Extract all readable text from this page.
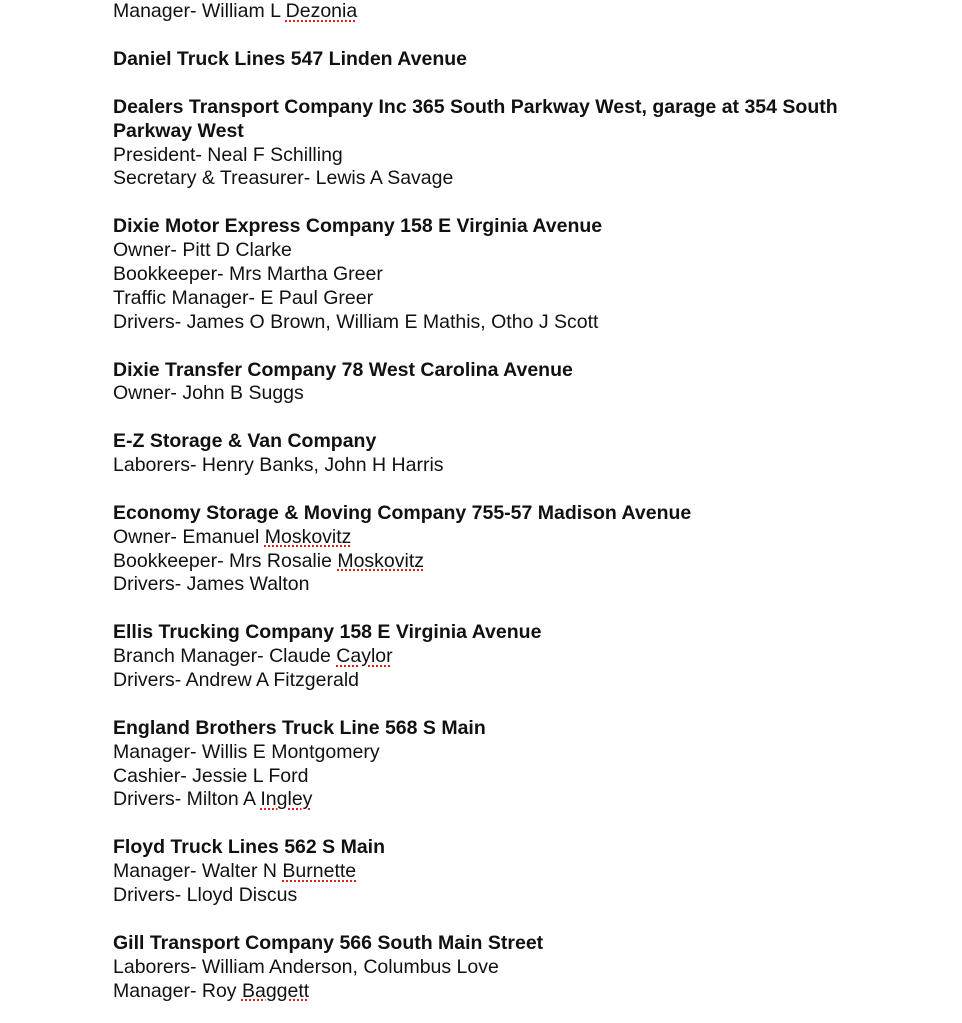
Manager- William L Dezonia
Daniel Truck Lines 547 Linden Avenue
Dealers Transport Company Inc 365 South Parkway West, garage at 354 South Parkway West
President- Neal F Schilling
Secretary & Treasurer- Lewis A Savage
Dixie Motor Express Company 158 E Virginia Avenue
Owner- Pitt D Clarke
Bookkeeper- Mrs Martha Greer
Traffic Manager- E Paul Greer
Drivers- James O Brown, William E Mathis, Otho J Scott
Dixie Transfer Company 78 West Carolina Avenue
Owner- John B Suggs
E-Z Storage & Van Company
Laborers- Henry Banks, John H Harris
Economy Storage & Moving Company 755-57 Madison Avenue
Owner- Emanuel Moskovitz
Bookkeeper- Mrs Rosalie Moskovitz
Drivers- James Walton
Ellis Trucking Company 158 E Virginia Avenue
Branch Manager- Claude Caylor
Drivers- Andrew A Fitzgerald
England Brothers Truck Line 568 S Main
Manager- Willis E Montgomery
Cashier- Jessie L Ford
Drivers- Milton A Ingley
Floyd Truck Lines 562 S Main
Manager- Walter N Burnette
Drivers- Lloyd Discus
Gill Transport Company 566 South Main Street
Laborers- William Anderson, Columbus Love
Manager- Roy Baggett
